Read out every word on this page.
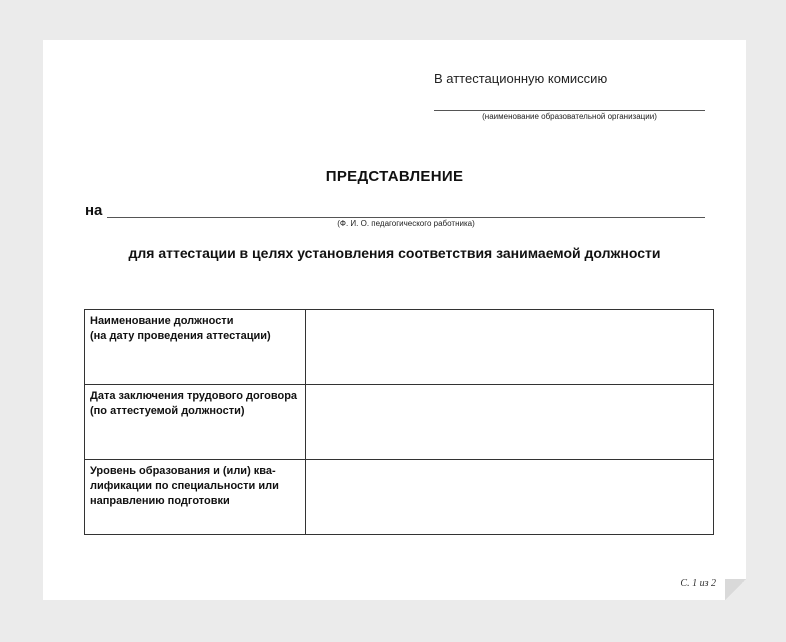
В аттестационную комиссию
(наименование образовательной организации)
ПРЕДСТАВЛЕНИЕ
на
(Ф. И. О. педагогического работника)
для аттестации в целях установления соответствия занимаемой должности
Наименование должности
(на дату проведения аттестации)	
Дата заключения трудового договора
(по аттестуемой должности)	
Уровень образования и (или) ква-
лификации по специальности или
направлению подготовки	
С. 1 из 2
